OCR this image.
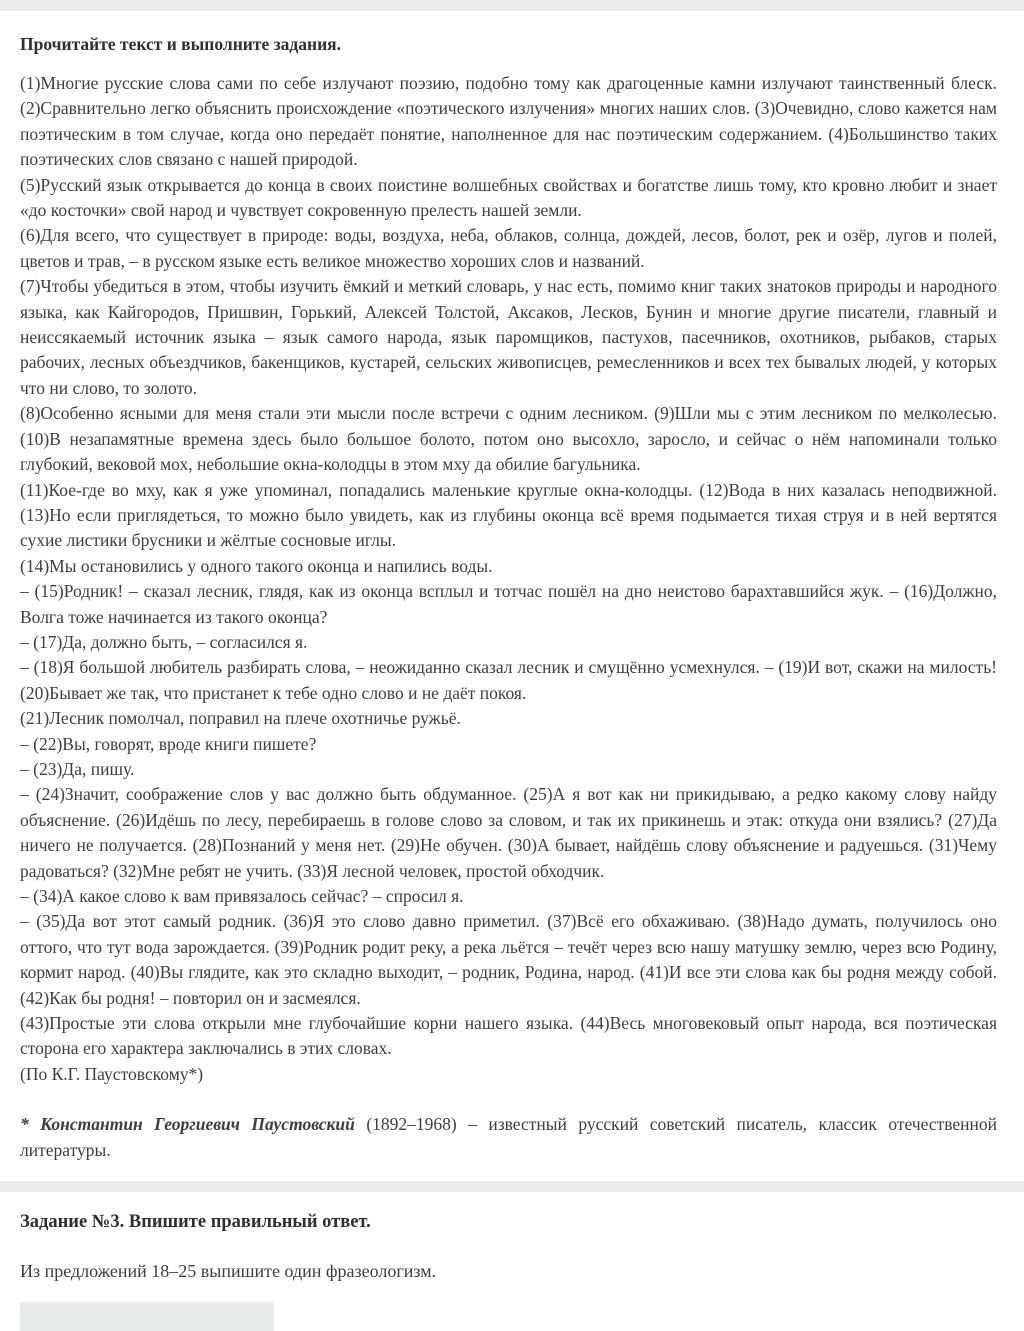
Прочитайте текст и выполните задания.

(1)Многие русские слова сами по себе излучают поэзию, подобно тому как драгоценные камни излучают таинственный блеск. (2)Сравнительно легко объяснить происхождение «поэтического излучения» многих наших слов. (3)Очевидно, слово кажется нам поэтическим в том случае, когда оно передаёт понятие, наполненное для нас поэтическим содержанием. (4)Большинство таких поэтических слов связано с нашей природой.

(5)Русский язык открывается до конца в своих поистине волшебных свойствах и богатстве лишь тому, кто кровно любит и знает «до косточки» свой народ и чувствует сокровенную прелесть нашей земли.

(6)Для всего, что существует в природе: воды, воздуха, неба, облаков, солнца, дождей, лесов, болот, рек и озёр, лугов и полей, цветов и трав, – в русском языке есть великое множество хороших слов и названий.

(7)Чтобы убедиться в этом, чтобы изучить ёмкий и меткий словарь, у нас есть, помимо книг таких знатоков природы и народного языка, как Кайгородов, Пришвин, Горький, Алексей Толстой, Аксаков, Лесков, Бунин и многие другие писатели, главный и неиссякаемый источник языка – язык самого народа, язык паромщиков, пастухов, пасечников, охотников, рыбаков, старых рабочих, лесных объездчиков, бакенщиков, кустарей, сельских живописцев, ремесленников и всех тех бывалых людей, у которых что ни слово, то золото.

(8)Особенно ясными для меня стали эти мысли после встречи с одним лесником. (9)Шли мы с этим лесником по мелколесью. (10)В незапамятные времена здесь было большое болото, потом оно высохло, заросло, и сейчас о нём напоминали только глубокий, вековой мох, небольшие окна-колодцы в этом мху да обилие багульника.

(11)Кое-где во мху, как я уже упоминал, попадались маленькие круглые окна-колодцы. (12)Вода в них казалась неподвижной. (13)Но если приглядеться, то можно было увидеть, как из глубины оконца всё время подымается тихая струя и в ней вертятся сухие листики брусники и жёлтые сосновые иглы.

(14)Мы остановились у одного такого оконца и напились воды.

– (15)Родник! – сказал лесник, глядя, как из оконца всплыл и тотчас пошёл на дно неистово барахтавшийся жук. – (16)Должно, Волга тоже начинается из такого оконца?

– (17)Да, должно быть, – согласился я.

– (18)Я большой любитель разбирать слова, – неожиданно сказал лесник и смущённо усмехнулся. – (19)И вот, скажи на милость! (20)Бывает же так, что пристанет к тебе одно слово и не даёт покоя.

(21)Лесник помолчал, поправил на плече охотничье ружьё.

– (22)Вы, говорят, вроде книги пишете?

– (23)Да, пишу.

– (24)Значит, соображение слов у вас должно быть обдуманное. (25)А я вот как ни прикидываю, а редко какому слову найду объяснение. (26)Идёшь по лесу, перебираешь в голове слово за словом, и так их прикинешь и этак: откуда они взялись? (27)Да ничего не получается. (28)Познаний у меня нет. (29)Не обучен. (30)А бывает, найдёшь слову объяснение и радуешься. (31)Чему радоваться? (32)Мне ребят не учить. (33)Я лесной человек, простой обходчик.

– (34)А какое слово к вам привязалось сейчас? – спросил я.

– (35)Да вот этот самый родник. (36)Я это слово давно приметил. (37)Всё его обхаживаю. (38)Надо думать, получилось оно оттого, что тут вода зарождается. (39)Родник родит реку, а река льётся – течёт через всю нашу матушку землю, через всю Родину, кормит народ. (40)Вы глядите, как это складно выходит, – родник, Родина, народ. (41)И все эти слова как бы родня между собой. (42)Как бы родня! – повторил он и засмеялся.

(43)Простые эти слова открыли мне глубочайшие корни нашего языка. (44)Весь многовековый опыт народа, вся поэтическая сторона его характера заключались в этих словах.

(По К.Г. Паустовскому*)

* Константин Георгиевич Паустовский (1892–1968) – известный русский советский писатель, классик отечественной литературы.

Задание №3. Впишите правильный ответ.

Из предложений 18–25 выпишите один фразеологизм.
